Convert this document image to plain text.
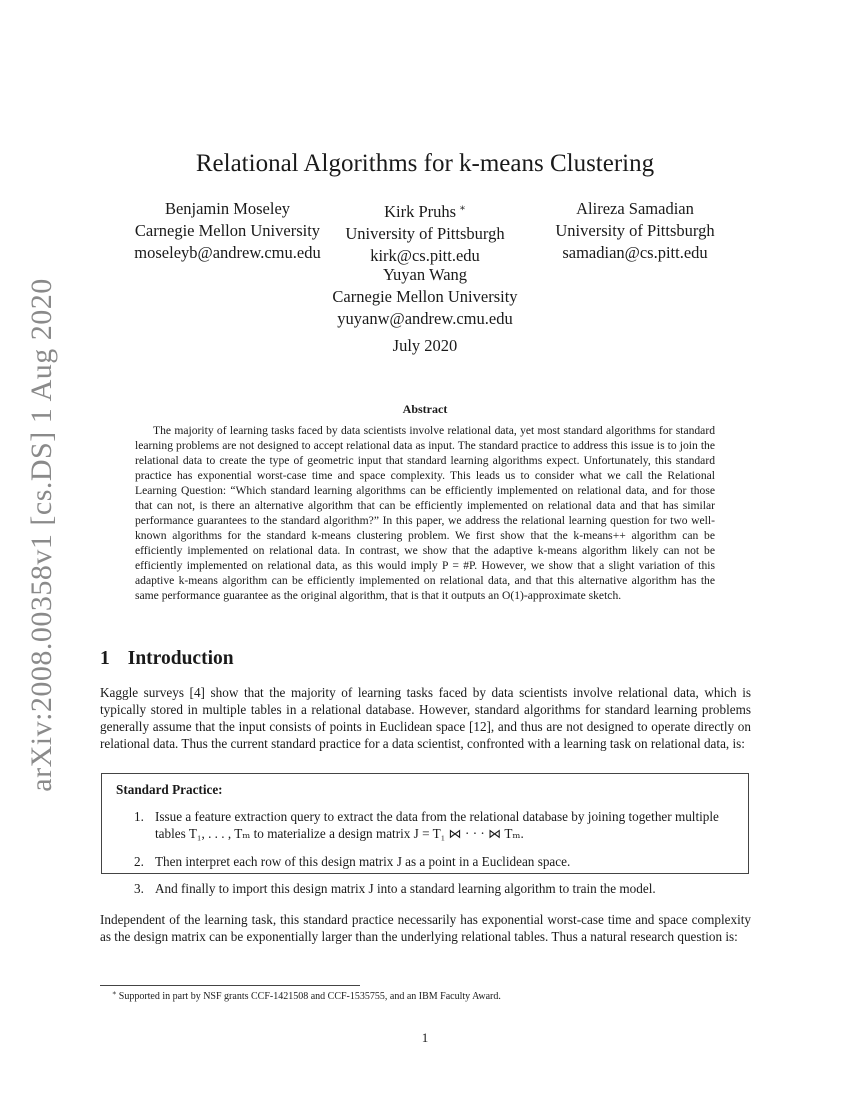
arXiv:2008.00358v1 [cs.DS] 1 Aug 2020
Relational Algorithms for k-means Clustering
Benjamin Moseley
Carnegie Mellon University
moseleyb@andrew.cmu.edu
Kirk Pruhs ∗
University of Pittsburgh
kirk@cs.pitt.edu
Alireza Samadian
University of Pittsburgh
samadian@cs.pitt.edu
Yuyan Wang
Carnegie Mellon University
yuyanw@andrew.cmu.edu
July 2020
Abstract

The majority of learning tasks faced by data scientists involve relational data, yet most standard algorithms for standard learning problems are not designed to accept relational data as input. The standard practice to address this issue is to join the relational data to create the type of geometric input that standard learning algorithms expect. Unfortunately, this standard practice has exponential worst-case time and space complexity. This leads us to consider what we call the Relational Learning Question: “Which standard learning algorithms can be efficiently implemented on relational data, and for those that can not, is there an alternative algorithm that can be efficiently implemented on relational data and that has similar performance guarantees to the standard algorithm?” In this paper, we address the relational learning question for two well-known algorithms for the standard k-means clustering problem. We first show that the k-means++ algorithm can be efficiently implemented on relational data. In contrast, we show that the adaptive k-means algorithm likely can not be efficiently implemented on relational data, as this would imply P = #P. However, we show that a slight variation of this adaptive k-means algorithm can be efficiently implemented on relational data, and that this alternative algorithm has the same performance guarantee as the original algorithm, that is that it outputs an O(1)-approximate sketch.

1 Introduction

Kaggle surveys [4] show that the majority of learning tasks faced by data scientists involve relational data, which is typically stored in multiple tables in a relational database. However, standard algorithms for standard learning problems generally assume that the input consists of points in Euclidean space [12], and thus are not designed to operate directly on relational data. Thus the current standard practice for a data scientist, confronted with a learning task on relational data, is:

Standard Practice:
1. Issue a feature extraction query to extract the data from the relational database by joining together multiple tables T₁, . . . , Tₘ to materialize a design matrix J = T₁ ⋈ · · · ⋈ Tₘ.
2. Then interpret each row of this design matrix J as a point in a Euclidean space.
3. And finally to import this design matrix J into a standard learning algorithm to train the model.

Independent of the learning task, this standard practice necessarily has exponential worst-case time and space complexity as the design matrix can be exponentially larger than the underlying relational tables. Thus a natural research question is:

∗ Supported in part by NSF grants CCF-1421508 and CCF-1535755, and an IBM Faculty Award.
1
